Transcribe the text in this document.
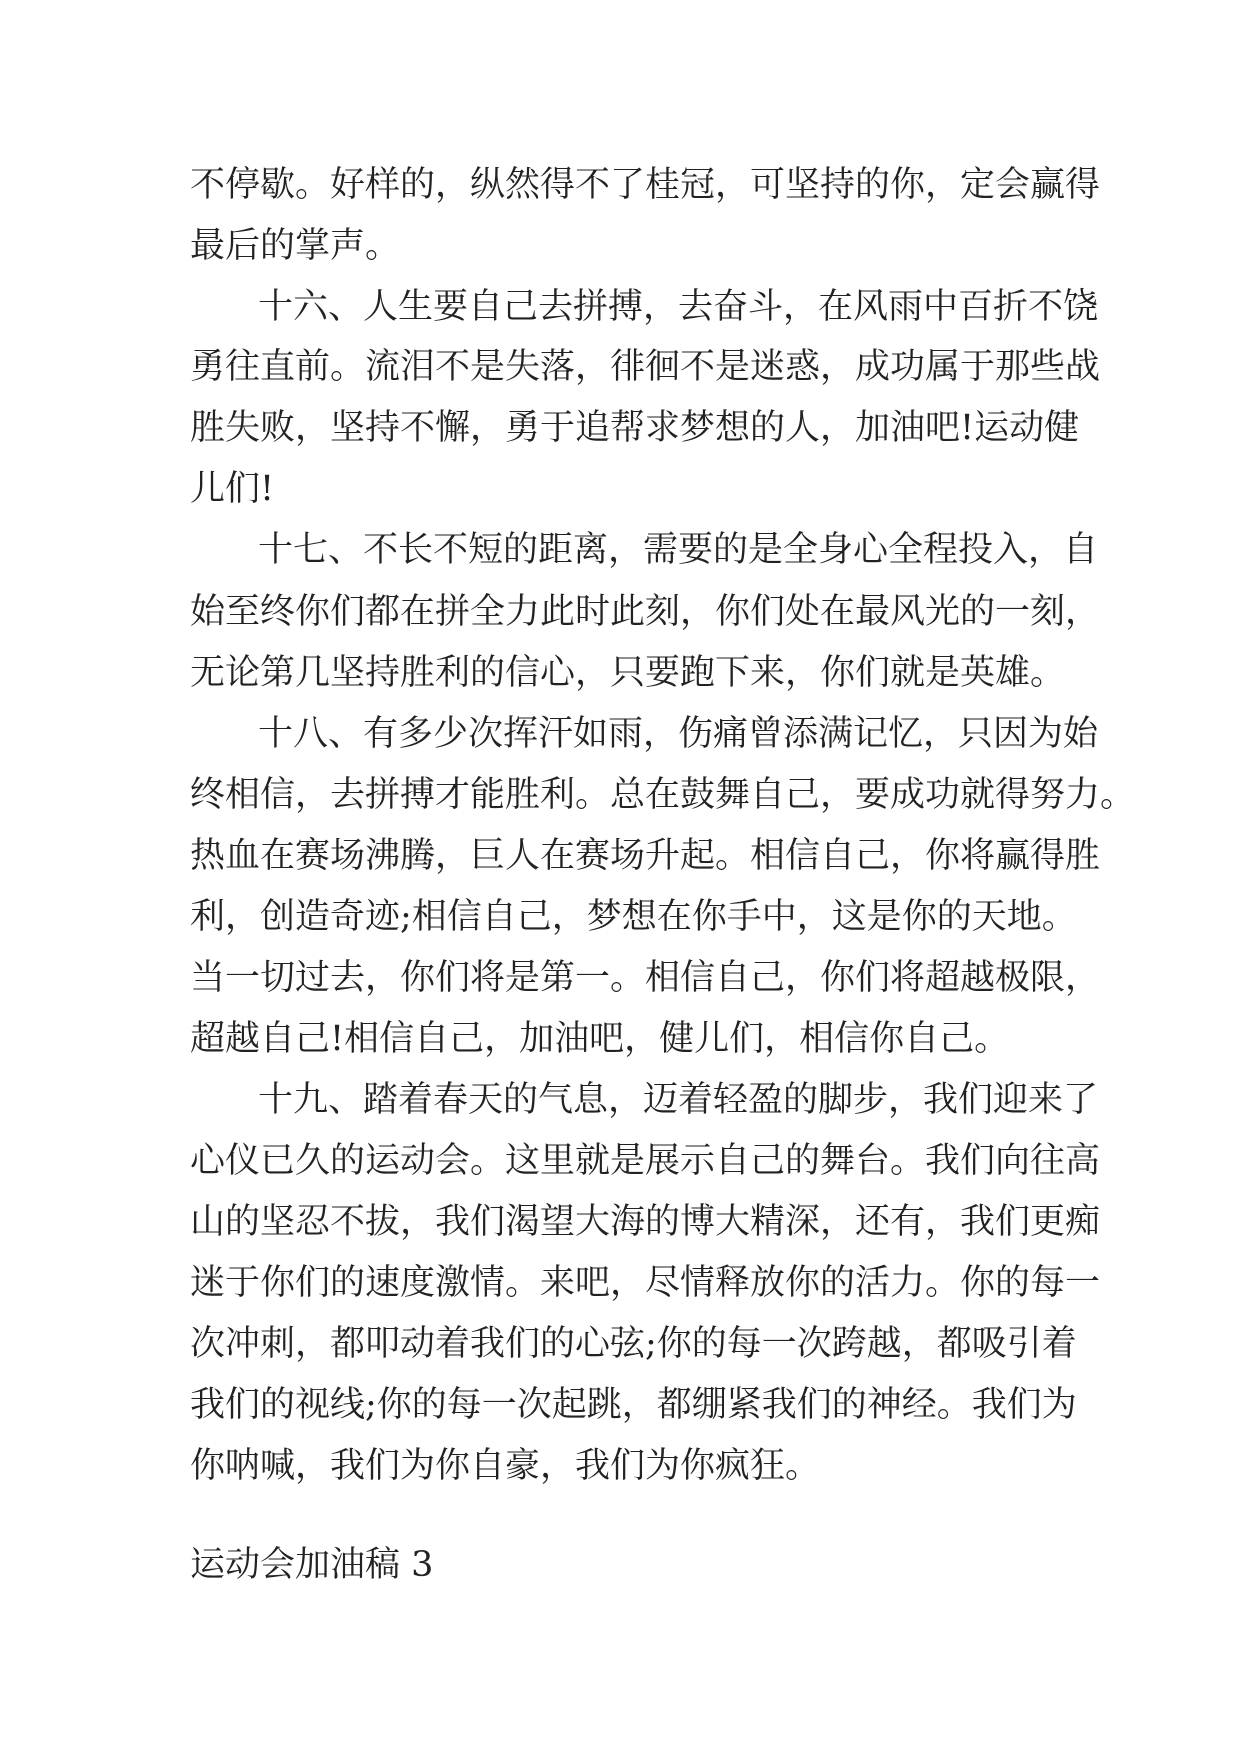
不停歇。好样的，纵然得不了桂冠，可坚持的你，定会赢得
最后的掌声。
十六、人生要自己去拼搏，去奋斗，在风雨中百折不饶
勇往直前。流泪不是失落，徘徊不是迷惑，成功属于那些战
胜失败，坚持不懈，勇于追帮求梦想的人，加油吧!运动健
儿们!
十七、不长不短的距离，需要的是全身心全程投入，自
始至终你们都在拼全力此时此刻，你们处在最风光的一刻，
无论第几坚持胜利的信心，只要跑下来，你们就是英雄。
十八、有多少次挥汗如雨，伤痛曾添满记忆，只因为始
终相信，去拼搏才能胜利。总在鼓舞自己，要成功就得努力。
热血在赛场沸腾，巨人在赛场升起。相信自己，你将赢得胜
利，创造奇迹;相信自己，梦想在你手中，这是你的天地。
当一切过去，你们将是第一。相信自己，你们将超越极限，
超越自己!相信自己，加油吧，健儿们，相信你自己。
十九、踏着春天的气息，迈着轻盈的脚步，我们迎来了
心仪已久的运动会。这里就是展示自己的舞台。我们向往高
山的坚忍不拔，我们渴望大海的博大精深，还有，我们更痴
迷于你们的速度激情。来吧，尽情释放你的活力。你的每一
次冲刺，都叩动着我们的心弦;你的每一次跨越，都吸引着
我们的视线;你的每一次起跳，都绷紧我们的神经。我们为
你呐喊，我们为你自豪，我们为你疯狂。
运动会加油稿 3
